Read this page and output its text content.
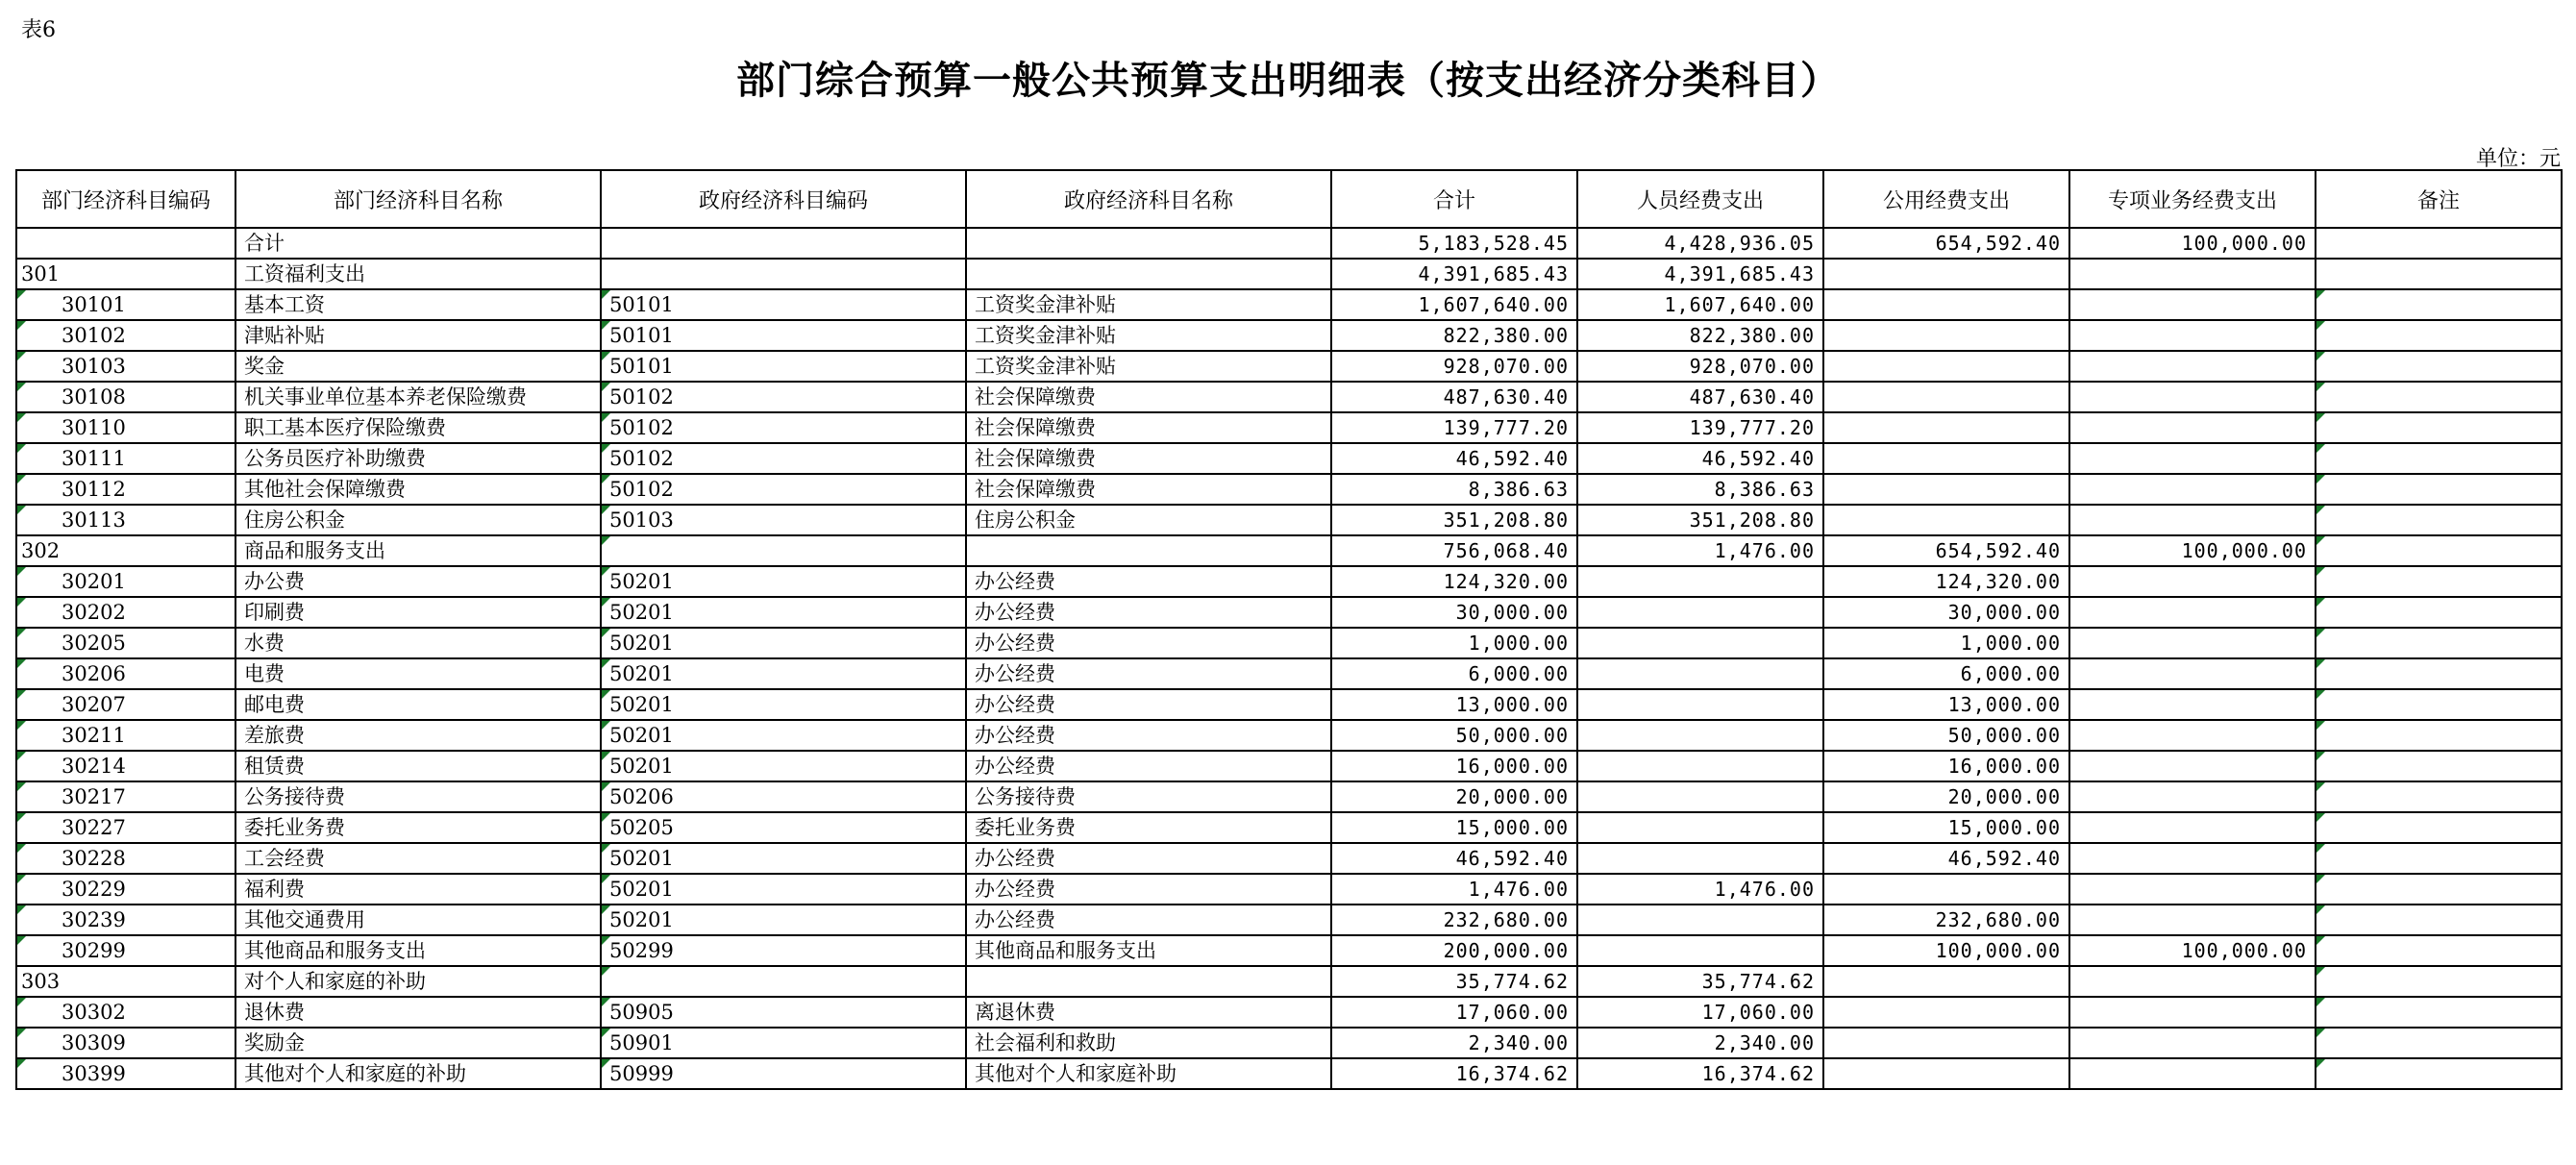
表6
部门综合预算一般公共预算支出明细表（按支出经济分类科目）
单位：元
部门经济科目编码	部门经济科目名称	政府经济科目编码	政府经济科目名称	合计	人员经费支出	公用经费支出	专项业务经费支出	备注
	合计			5,183,528.45	4,428,936.05	654,592.40	100,000.00	
301	工资福利支出			4,391,685.43	4,391,685.43			
30101	基本工资	50101	工资奖金津补贴	1,607,640.00	1,607,640.00			
30102	津贴补贴	50101	工资奖金津补贴	822,380.00	822,380.00			
30103	奖金	50101	工资奖金津补贴	928,070.00	928,070.00			
30108	机关事业单位基本养老保险缴费	50102	社会保障缴费	487,630.40	487,630.40			
30110	职工基本医疗保险缴费	50102	社会保障缴费	139,777.20	139,777.20			
30111	公务员医疗补助缴费	50102	社会保障缴费	46,592.40	46,592.40			
30112	其他社会保障缴费	50102	社会保障缴费	8,386.63	8,386.63			
30113	住房公积金	50103	住房公积金	351,208.80	351,208.80			
302	商品和服务支出			756,068.40	1,476.00	654,592.40	100,000.00	
30201	办公费	50201	办公经费	124,320.00		124,320.00		
30202	印刷费	50201	办公经费	30,000.00		30,000.00		
30205	水费	50201	办公经费	1,000.00		1,000.00		
30206	电费	50201	办公经费	6,000.00		6,000.00		
30207	邮电费	50201	办公经费	13,000.00		13,000.00		
30211	差旅费	50201	办公经费	50,000.00		50,000.00		
30214	租赁费	50201	办公经费	16,000.00		16,000.00		
30217	公务接待费	50206	公务接待费	20,000.00		20,000.00		
30227	委托业务费	50205	委托业务费	15,000.00		15,000.00		
30228	工会经费	50201	办公经费	46,592.40		46,592.40		
30229	福利费	50201	办公经费	1,476.00	1,476.00			
30239	其他交通费用	50201	办公经费	232,680.00		232,680.00		
30299	其他商品和服务支出	50299	其他商品和服务支出	200,000.00		100,000.00	100,000.00	
303	对个人和家庭的补助			35,774.62	35,774.62			
30302	退休费	50905	离退休费	17,060.00	17,060.00			
30309	奖励金	50901	社会福利和救助	2,340.00	2,340.00			
30399	其他对个人和家庭的补助	50999	其他对个人和家庭补助	16,374.62	16,374.62			
